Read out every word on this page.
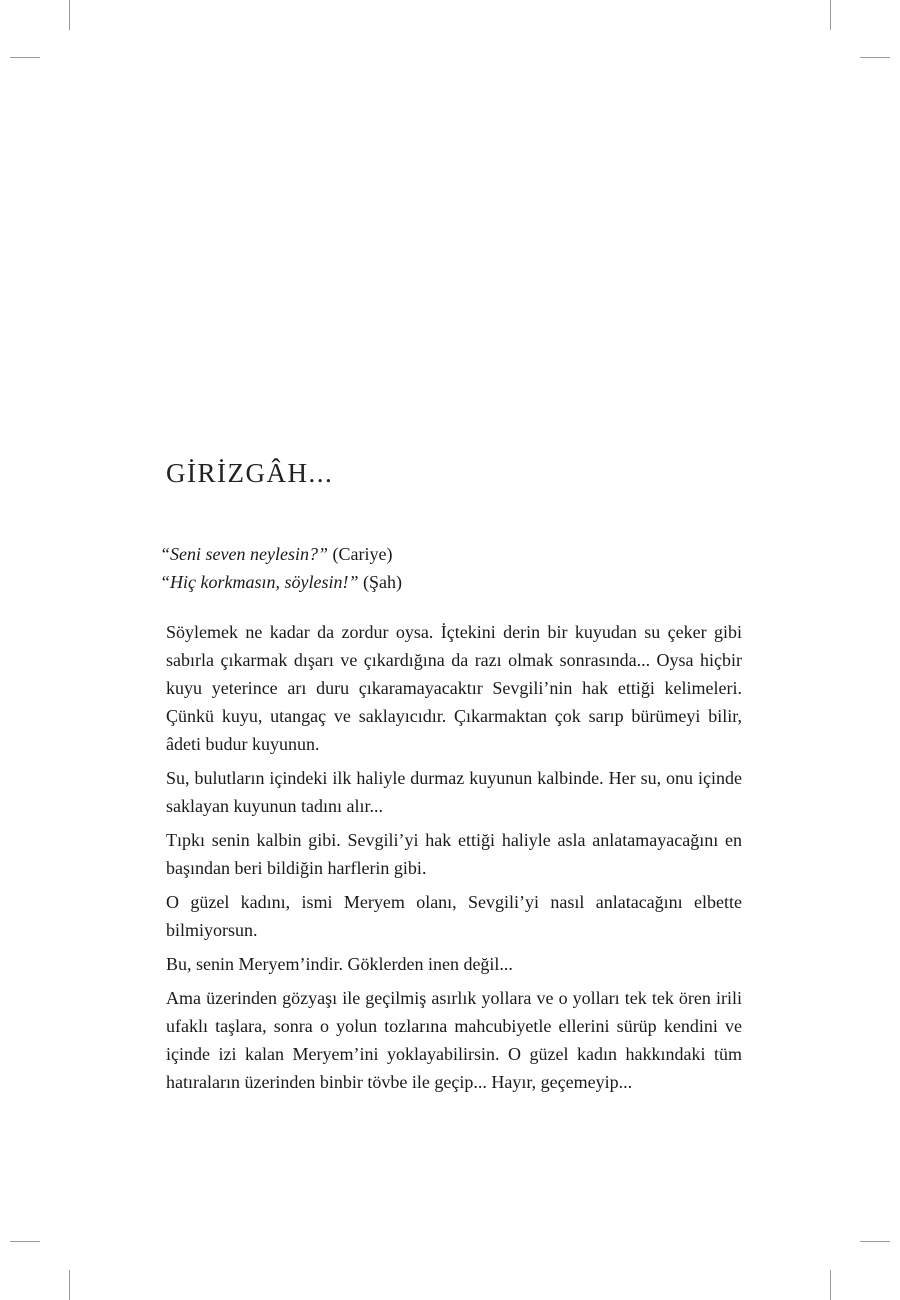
GİRİZGÂH...
“Seni seven neylesin?” (Cariye)
“Hiç korkmasın, söylesin!” (Şah)

Söylemek ne kadar da zordur oysa. İçtekini derin bir kuyudan su çeker gibi sabırla çıkarmak dışarı ve çıkardığına da razı olmak sonrasında... Oysa hiçbir kuyu yeterince arı duru çıkaramayacaktır Sevgili’nin hak ettiği kelimeleri. Çünkü kuyu, utangaç ve saklayıcıdır. Çıkarmaktan çok sarıp bürümeyi bilir, âdeti budur kuyunun.

Su, bulutların içindeki ilk haliyle durmaz kuyunun kalbinde. Her su, onu içinde saklayan kuyunun tadını alır...

Tıpkı senin kalbin gibi. Sevgili’yi hak ettiği haliyle asla anlatamayacağını en başından beri bildiğin harflerin gibi.

O güzel kadını, ismi Meryem olanı, Sevgili’yi nasıl anlatacağını elbette bilmiyorsun.

Bu, senin Meryem’indir. Göklerden inen değil...

Ama üzerinden gözyaşı ile geçilmiş asırlık yollara ve o yolları tek tek ören irili ufaklı taşlara, sonra o yolun tozlarına mahcubiyetle ellerini sürüp kendini ve içinde izi kalan Meryem’ini yoklayabilirsin. O güzel kadın hakkındaki tüm hatıraların üzerinden binbir tövbe ile geçip... Hayır, geçemeyip...
